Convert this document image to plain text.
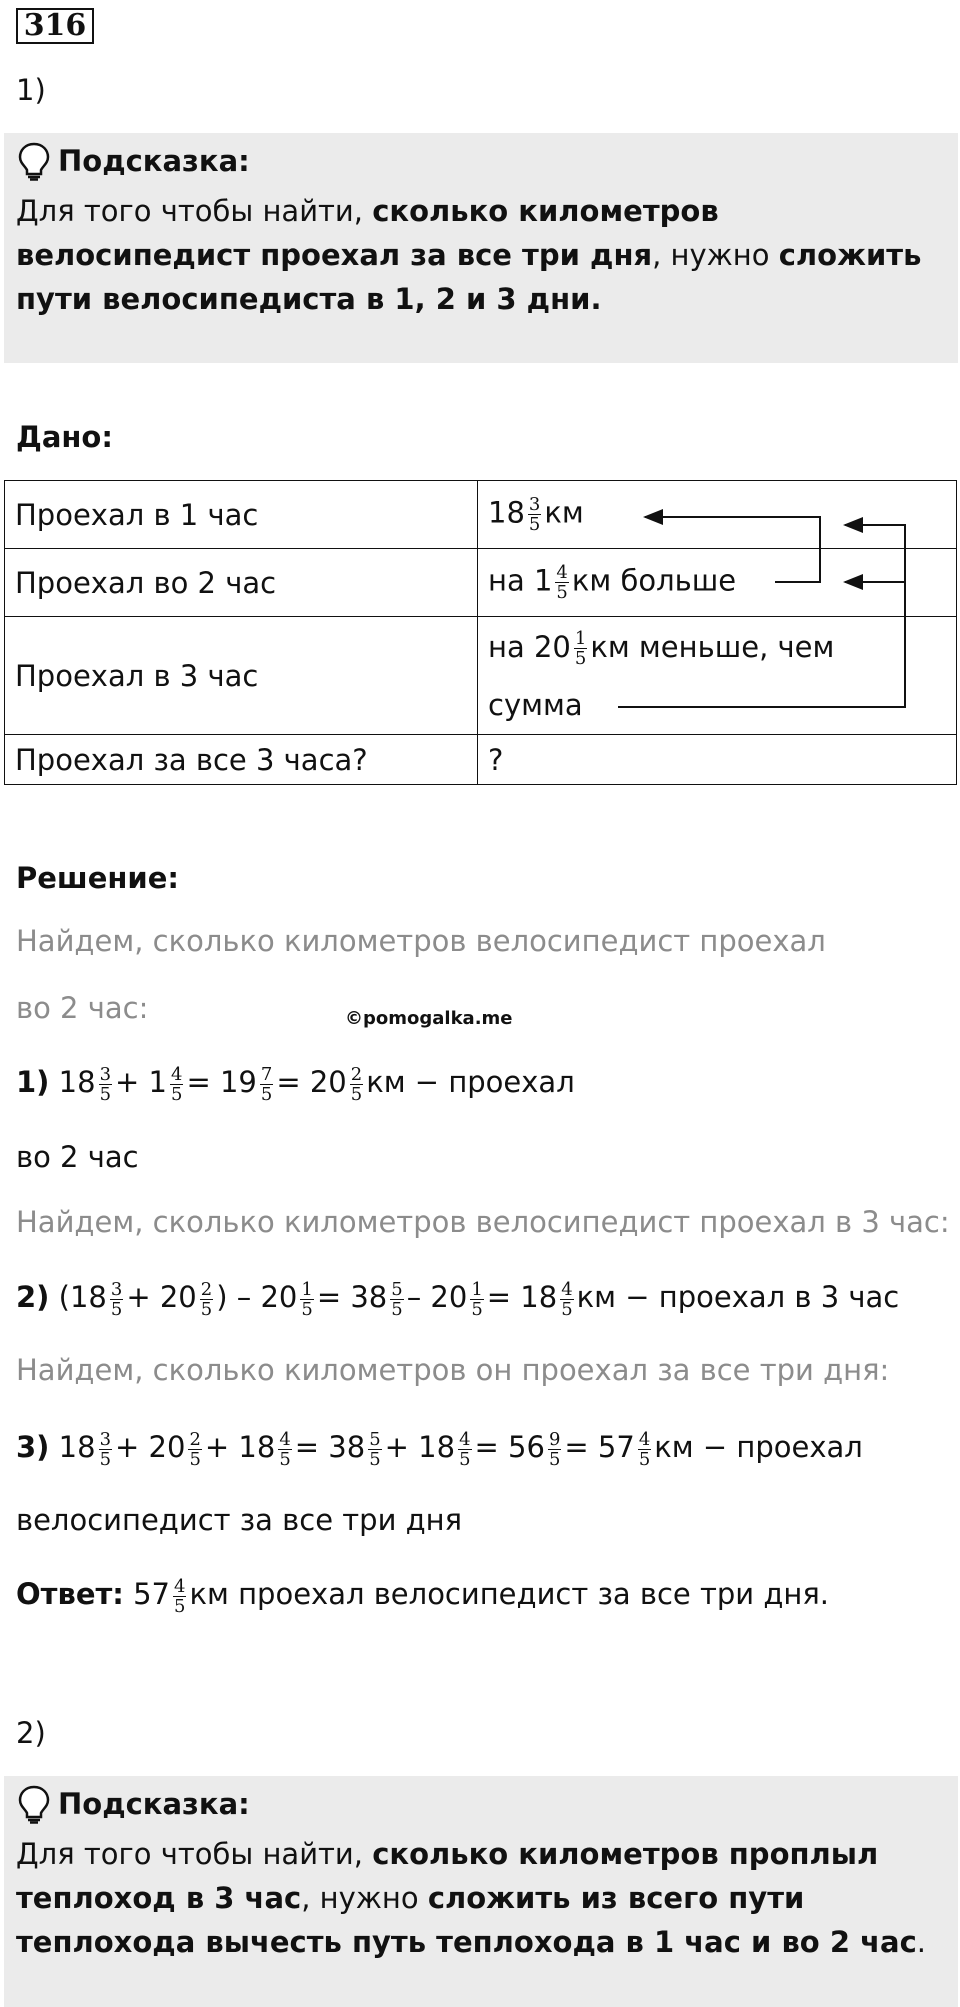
316
1)
Подсказка:
Для того чтобы найти, сколько километров велосипедист проехал за все три дня, нужно сложить пути велосипедиста в 1, 2 и 3 дни.
Дано:
Проехал в 1 час	$18 \frac{3}{5}$ км
Проехал во 2 час	на $1 \frac{4}{5}$ км больше
Проехал в 3 час	на $20 \frac{1}{5}$ км меньше, чем
сумма
Проехал за все 3 часа?	?
Решение:
Найдем, сколько километров велосипедист проехал
во 2 час:	©pomogalka.me
1) $18 \frac{3}{5} + 1 \frac{4}{5} = 19 \frac{7}{5} = 20 \frac{2}{5}$ км − проехал
во 2 час
Найдем, сколько километров велосипедист проехал в 3 час:
2) ($18 \frac{3}{5} + 20 \frac{2}{5}$ ) – $20 \frac{1}{5} = 38 \frac{5}{5} - 20 \frac{1}{5} = 18 \frac{4}{5}$ км − проехал в 3 час
Найдем, сколько километров он проехал за все три дня:
3) $18 \frac{3}{5} + 20 \frac{2}{5} + 18 \frac{4}{5} = 38 \frac{5}{5} + 18 \frac{4}{5} = 56 \frac{9}{5} = 57 \frac{4}{5}$ км − проехал
велосипедист за все три дня
Ответ: $57 \frac{4}{5}$ км проехал велосипедист за все три дня.
2)
Подсказка:
Для того чтобы найти, сколько километров проплыл теплоход в 3 час, нужно сложить из всего пути теплохода вычесть путь теплохода в 1 час и во 2 час.
